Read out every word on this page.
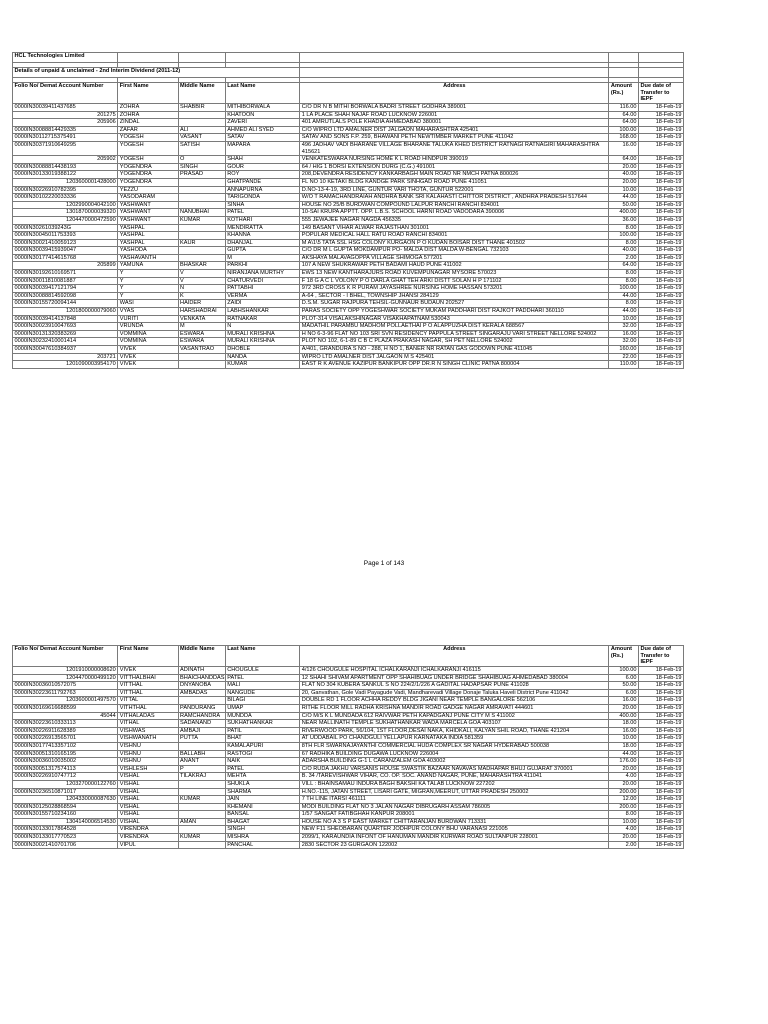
HCL Technologies Limited						

Details of unpaid & unclaimed - 2nd Interim Dividend (2011-12)						

Folio No/ Demat Account Number	First Name	Middle Name	Last Name	Address	Amount (Rs.)	Due date of Transfer to IEPF
0000IN30039411437685	ZOHRA	SHABBIR	MITHIBORWALA	C/O DR N B MITHI BORWALA BADRI STREET GODHRA 389001	116.00	18-Feb-19
201275	ZOHRA		KHATOON	1 LA PLACE SHAH NAJAF ROAD LUCKNOW 226001	64.00	18-Feb-19
205906	ZINDAL		ZAVERI	401 AMRUTLALS POLE KHADIA AHMEDABAD 380001	64.00	18-Feb-19
0000IN30088814429335	ZAFAR	ALI	AHMED ALI SYED	C/O WIPRO LTD AMALNER DIST JALGAON MAHARASHTRA 425401	100.00	18-Feb-19
0000IN30112715375491	YOGESH	VASANT	SATAV	SATAV AND SONS F.P. 259, BHAWANI PETH NEWTIMBER MARKET PUNE 411042	168.00	18-Feb-19
0000IN30371910649295	YOGESH	SATISH	MAPARA	496 JADHAV VADI BHARANE VILLAGE BHARANE TALUKA KHED DISTRICT RATNAGI RATNAGIRI MAHARASHTRA 415621	16.00	18-Feb-19
205902	YOGESH	O	SHAH	VENKATESWARA NURSING HOME K L ROAD HINDPUR 390019	64.00	18-Feb-19
0000IN30088814438193	YOGENDRA	SINGH	GOUR	64 / HIG 1 BORSI EXTENSION DURG (C.G.) 491001	20.00	18-Feb-19
0000IN30133019388122	YOGENDRA	PRASAD	ROY	208,DEVENDRA RESIDENCY KANKARBAGH MAIN ROAD NR NMCH PATNA 800026	40.00	18-Feb-19
1203600001428000	YOGENDRA		GHATPANDE	FL NO 10 KETAKI BLDG KANDGE PARK SINHGAD ROAD PUNE 411051	20.00	18-Feb-19
0000IN30226910782395	YEZZU		ANNAPURNA	D.NO-13-4-19, 3RD LINE, GUNTUR VARI THOTA, GUNTUR 522001	10.00	18-Feb-19
0000IN30102220033336	YASODARAM		TARIGONDA	W/O T RAMACHANDRAIAH ANDHRA BANK SRI KALAHASTI CHITTOR DISTRICT , ANDHRA PRADESH 517644	44.00	18-Feb-19
1202990004042100	YASHWANT		SINHA	HOUSE NO 25/B BURDWAN COMPOUND LALPUR RANCHI RANCHI 834001	50.00	18-Feb-19
1301870000039320	YASHWANT	NANUBHAI	PATEL	10-SAI KRUPA APPTT. OPP. L.B.S. SCHOOL HARNI ROAD VADODARA 390006	400.00	18-Feb-19
1204470000472590	YASHWANT	KUMAR	KOTHARI	555 JEWAJEE NAGAR NAGDA 456335	36.00	18-Feb-19
0000IN30261039243G	YASHPAL		MENDIRATTA	149 BASANT VIHAR ALWAR RAJASTHAN 301001	8.00	18-Feb-19
0000IN30045011753393	YASHPAL		KHANNA	POPULAR MEDICAL HALL RATU ROAD RANCHI 834001	100.00	18-Feb-19
0000IN30021410059123	YASHPAL	KAUR	DHANJAL	M A\1\5 TATA SSL HSG COLONY KURGAON P O KUDAN BOISAR DIST THANE 401502	8.00	18-Feb-19
0000IN30039415939047	YASHODA		GUPTA	C/O DR M L GUPTA MOKDAMPUR PO- MALDA DIST MALDA W-BENGAL 732103	40.00	18-Feb-19
0000IN30177414615768	YASHAVANTH		M	AKSHAYA MALAVAGOPPA VILLAGE SHIMOGA 577201	2.00	18-Feb-19
205899	YAMUNA	BHASKAR	PARKHI	107 A NEW SHUKRAWAR PETH BADAMI HAUD PUNE 411002	64.00	18-Feb-19
0000IN30192610169571	Y	V	NIRANJANA MURTHY	EWS 13 NEW KANTHARAJURS ROAD KUVEMPUNAGAR MYSORE 570023	8.00	18-Feb-19
0000IN30011810081887	Y	V	CHATURVEDI	F 18 G A C L VOLONY P O DARLA GHAT TEH ARKI DISTT SOLAN H P 171102	8.00	18-Feb-19
0000IN30039417121794	Y	N	PATTABHI	972 3RD CROSS K R PURAM JAYASHREE NURSING HOME HASSAN 573201	100.00	18-Feb-19
0000IN30088814592098	Y	K	VERMA	A-64 , SECTOR - I BHEL, TOWNSHIP JHANSI 284129	44.00	18-Feb-19
0000IN30155720094144	WASI	HAIDER	ZAIDI	D.S.M. SUGAR RAJPURA TEHSIL-GUNNAUR BUDAUN 202527	8.00	18-Feb-19
1201800000079060	VYAS	HARSHADRAI	LABHSHANKAR	PARAS SOCIETY OPP YOGESHWAR SOCIETY MUKAM PADDHARI DIST RAJKOT PADDHARI 360110	44.00	18-Feb-19
0000IN30039414137848	VURITI	VENKATA	RATNAKAR	PLOT-314 VISALAKSHINAGAR VISAKHAPATNAM 530043	10.00	18-Feb-19
0000IN30023910047693	VRUNDA	M	N	MADATHIL PARAMBU MADHOM POLLAETHAI P O ALAPPUZHA DIST KERALA 688567	32.00	18-Feb-19
0000IN30131320383269	VOMMINA	ESWARA	MURALI KRISHNA	H NO 6-3-96 FLAT NO 103 SRI SVN RESIDENCY PAPPULA STREET SINGARAJU VARI STREET NELLORE 524002	16.00	18-Feb-19
0000IN30232410001414	VOMMINA	ESWARA	MURALI KRISHNA	PLOT NO 102, 6-1-89 C B C PLAZA PRAKASH NAGAR, SH PET NELLORE 524002	32.00	18-Feb-19
0000IN30047610384937	VIVEK	VASANTRAO	DHOBLE	A/401, GRANDURA S NO - 288, H NO 1, BANER NR RATAN GAS GODOWN PUNE 411045	160.00	18-Feb-19
203721	VIVEK		NANDA	WIPRO LTD AMALNER DIST JALGAON M S 425401	22.00	18-Feb-19
1201090003954170	VIVEK		KUMAR	EAST R K AVENUE KAZIPUR BANKIPUR OPP DR.R N SINGH CLINIC PATNA 800004	110.00	18-Feb-19
Page 1 of 143
Folio No/ Demat Account Number	First Name	Middle Name	Last Name	Address	Amount (Rs.)	Due date of Transfer to IEPF
1201910000008620	VIVEK	ADINATH	CHOUGULE	4/126 CHOUGULE HOSPITAL ICHALKARANJI ICHALKARANJI 416115	100.00	18-Feb-19
1204470000499120	VITTHALBHAI	BHAICHANDDAS	PATEL	12 SHAHI SHIVAM APARTMENT OPP SHAHIBUAG UNDER BRIDGE SHAHIBUAG AHMEDABAD 380004	6.00	18-Feb-19
0000IN30036010572075	VITTHAL	DNYANOBA	MALI	FLAT NO 304 KUBERA SANKUL S NO 224/2/1/226 A GADITAL HADAPSAR PUNE 411028	50.00	18-Feb-19
0000IN30223611792763	VITTHAL	AMBADAS	NANGUDE	20, Ganvathan, Gole Vadi Payagude Vadi, Mandharevadi Village Donaje Taluka Haveli District Pune 411042	6.00	18-Feb-19
1203600001497570	VITTAL		BILAGI	DOUBLE RD 1 FLOOR ACHHA REDDY BLDG JIGANI NEAR TEMPLE BANGALORE 562106	16.00	18-Feb-19
0000IN30169616688599	VITHTHAL	PANDURANG	UMAP	RITHE FLOOR MILL RADHA KRISHNA MANDIR ROAD GADGE NAGAR AMRAVATI 444601	20.00	18-Feb-19
45044	VITHALADAS	RAMCHANDRA	MUNDDA	C/O M/S K L MUNDADA 612 RAIVWAR PETH KAPADGANJ PUNE CITY M S 411002	400.00	18-Feb-19
0000IN30223610333113	VITHAL	SADANAND	SUKHATHANKAR	NEAR MALLINATH TEMPLE SUKHATHANKAR WADA MARCELA GOA 403107	18.00	18-Feb-19
0000IN30226911628389	VISHWAS	AMBAJI	PATIL	RIVERWOOD PARK, 56/104, 1ST FLOOR,DESAI NAKA, KHIDKALI, KALYAN SHIL ROAD, THANE 421204	16.00	18-Feb-19
0000IN30226913565701	VISHWANATH	PUTTA	BHAT	AT UDDABAIL PO CHANDGULI YELLAPUR KARNATAKA INDIA 581359	10.00	18-Feb-19
0000IN30177413357102	VISHNU		KAMALAPURI	8TH FLR SWARNAJAYANTHI COMMERCIAL HUDA COMPLEX SR NAGAR HYDERABAD 500038	18.00	18-Feb-19
0000IN30051310165195	VISHNU	BALLABH	RASTOGI	67 RADHIKA BUILDING DUGAWA LUCKNOW 226004	44.00	18-Feb-19
0000IN30036010035002	VISHNU	ANANT	NAIK	ADARSHA BUILDING G-1 L CARANZALEM GOA 403002	176.00	18-Feb-19
0000IN30051317574113	VISHLESH	P	PATEL	C/O RUDA JAKHU VARSANIS HOUSE SWASTIK BAZAAR NAVAVAS MADHAPAR BHUJ GUJARAT 370001	20.00	18-Feb-19
0000IN30226910747712	VISHAL	TILAKRAJ	MEHTA	B. 34 /TAREVISHWAR VIHAR, CO. OP. SOC. ANAND NAGAR, PUNE, MAHARASHTRA 411041	4.00	18-Feb-19
1203270000122760	VISHAL		SHUKLA	VILL : BHAINSAMAU INDURA BAGH BAKSHI KA TALAB LUCKNOW 227202	20.00	18-Feb-19
0000IN30236510871017	VISHAL		SHARMA	H.NO.-115, JATAN STREET, LISARI GATE, MIGRAN,MEERUT, UTTAR PRADESH 250002	200.00	18-Feb-19
1204330000087630	VISHAL	KUMAR	JAIN	7 TH LINE ITARSI 461111	12.00	18-Feb-19
0000IN30125028868594	VISHAL		KHEMANI	MODI BUILDING FLAT NO 3 JALAN NAGAR DIBRUGARH ASSAM 786005	200.00	18-Feb-19
0000IN30155710234160	VISHAL		BANSAL	1/57 SANGAT FATIBGHAH KANPUR 208001	8.00	18-Feb-19
1304140006514530	VISHAL	AMAN	BHAGAT	HOUSE NO A 3 S P EAST MARKET CHITTARANJAN BURDWAN 713331	10.00	18-Feb-19
0000IN30133017864528	VIRENDRA		SINGH	NEW F11 SHEOBARAN QUARTER JODHPUR COLONY BHU VARANASI 221005	4.00	18-Feb-19
0000IN30133017770523	VIRENDRA	KUMAR	MISHRA	2099/1, KARAUNDIA INFONT OF HANUMAN MANDIR KURWAR ROAD SULTANPUR 228001	20.00	18-Feb-19
0000IN30021410701706	VIPUL		PANCHAL	2830 SECTOR 23 GURGAON 122002	2.00	18-Feb-19
